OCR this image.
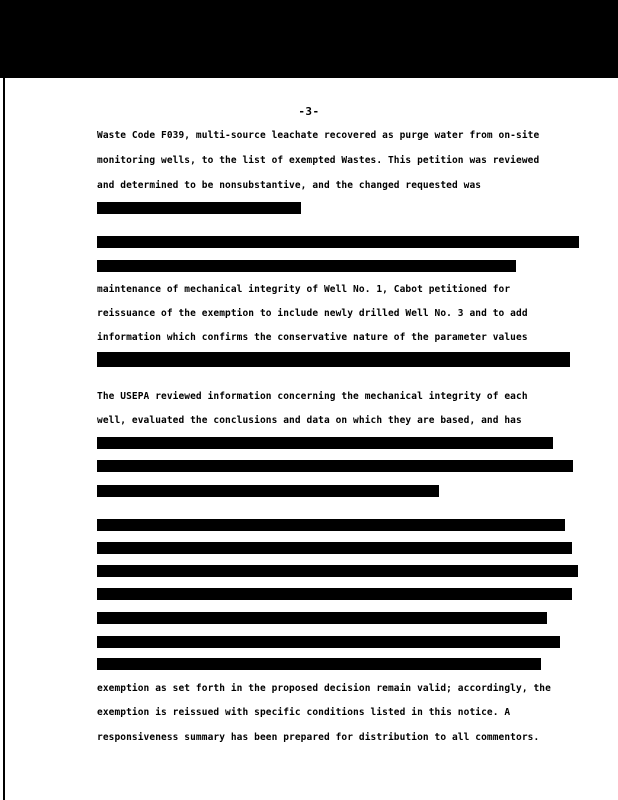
-3-
Waste Code F039, multi-source leachate recovered as purge water from on-site
monitoring wells, to the list of exempted Wastes. This petition was reviewed
and determined to be nonsubstantive, and the changed requested was
maintenance of mechanical integrity of Well No. 1, Cabot petitioned for
reissuance of the exemption to include newly drilled Well No. 3 and to add
information which confirms the conservative nature of the parameter values
The USEPA reviewed information concerning the mechanical integrity of each
well, evaluated the conclusions and data on which they are based, and has
exemption as set forth in the proposed decision remain valid; accordingly, the
exemption is reissued with specific conditions listed in this notice. A
responsiveness summary has been prepared for distribution to all commentors.
